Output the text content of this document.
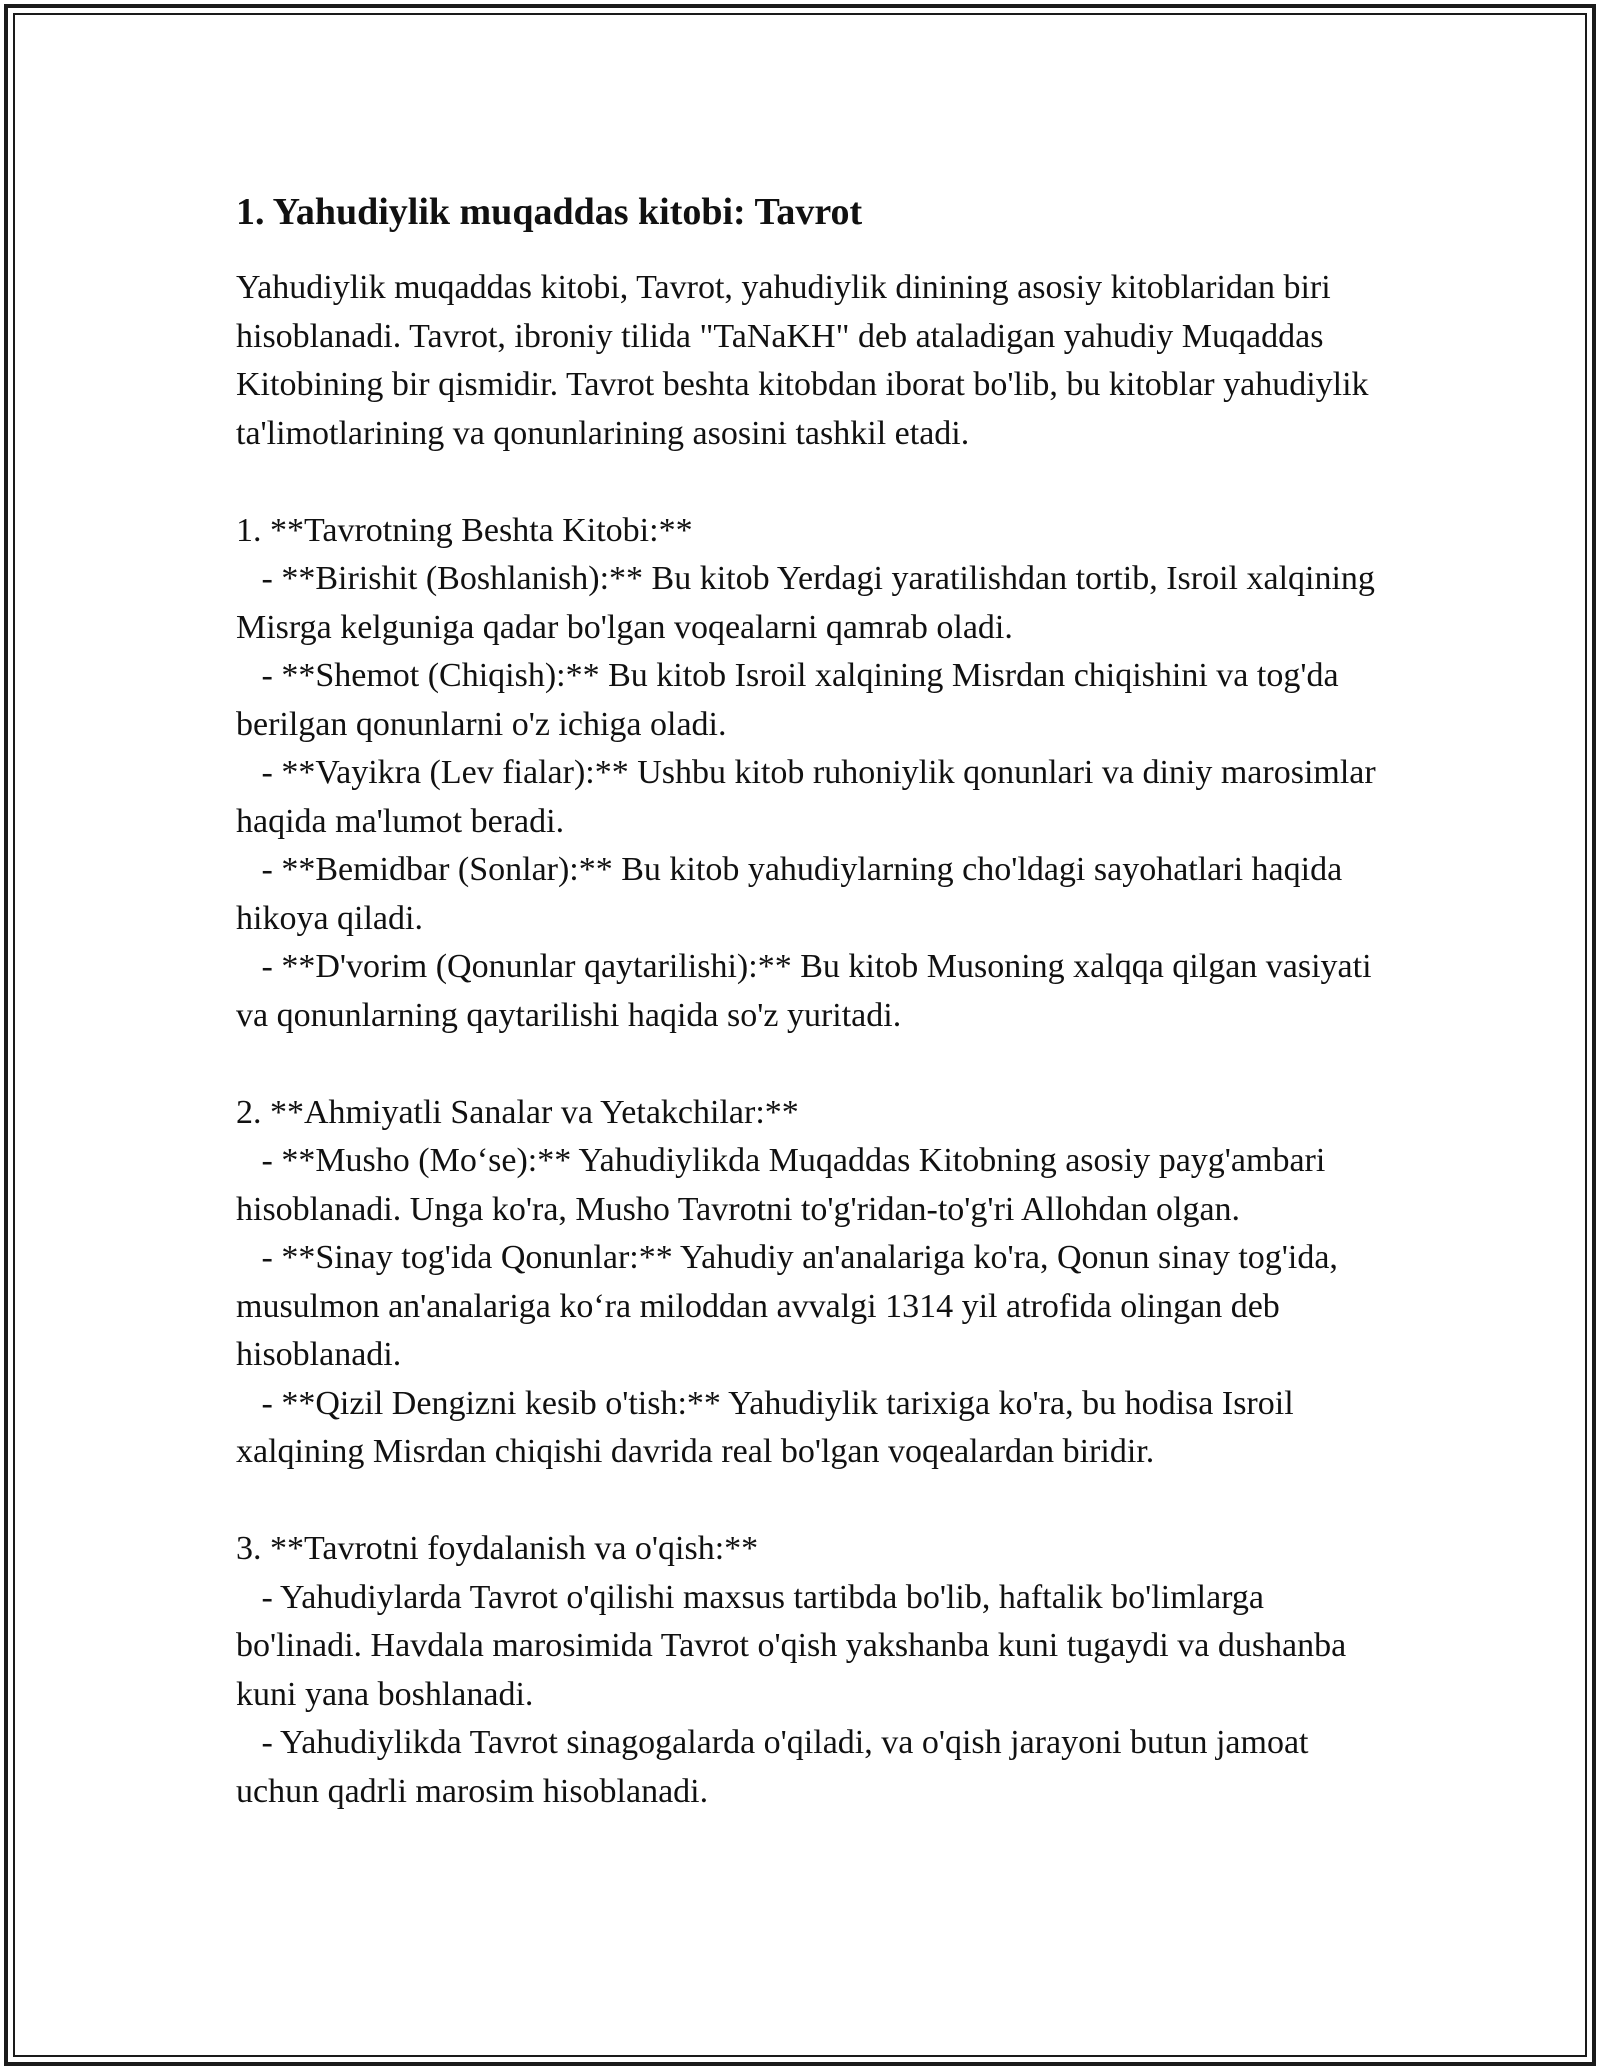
1. Yahudiylik muqaddas kitobi: Tavrot

Yahudiylik muqaddas kitobi, Tavrot, yahudiylik dinining asosiy kitoblaridan biri hisoblanadi. Tavrot, ibroniy tilida "TaNaKH" deb ataladigan yahudiy Muqaddas Kitobining bir qismidir. Tavrot beshta kitobdan iborat bo'lib, bu kitoblar yahudiylik ta'limotlarining va qonunlarining asosini tashkil etadi.

1. **Tavrotning Beshta Kitobi:**
- **Birishit (Boshlanish):** Bu kitob Yerdagi yaratilishdan tortib, Isroil xalqining Misrga kelguniga qadar bo'lgan voqealarni qamrab oladi.
- **Shemot (Chiqish):** Bu kitob Isroil xalqining Misrdan chiqishini va tog'da berilgan qonunlarni o'z ichiga oladi.
- **Vayikra (Lev fialar):** Ushbu kitob ruhoniylik qonunlari va diniy marosimlar haqida ma'lumot beradi.
- **Bemidbar (Sonlar):** Bu kitob yahudiylarning cho'ldagi sayohatlari haqida hikoya qiladi.
- **D'vorim (Qonunlar qaytarilishi):** Bu kitob Musoning xalqqa qilgan vasiyati va qonunlarning qaytarilishi haqida so'z yuritadi.
2. **Ahmiyatli Sanalar va Yetakchilar:**
- **Musho (Mo‘se):** Yahudiylikda Muqaddas Kitobning asosiy payg'ambari hisoblanadi. Unga ko'ra, Musho Tavrotni to'g'ridan-to'g'ri Allohdan olgan.
- **Sinay tog'ida Qonunlar:** Yahudiy an'analariga ko'ra, Qonun sinay tog'ida, musulmon an'analariga ko‘ra miloddan avvalgi 1314 yil atrofida olingan deb hisoblanadi.
- **Qizil Dengizni kesib o'tish:** Yahudiylik tarixiga ko'ra, bu hodisa Isroil xalqining Misrdan chiqishi davrida real bo'lgan voqealardan biridir.
3. **Tavrotni foydalanish va o'qish:**
- Yahudiylarda Tavrot o'qilishi maxsus tartibda bo'lib, haftalik bo'limlarga bo'linadi. Havdala marosimida Tavrot o'qish yakshanba kuni tugaydi va dushanba kuni yana boshlanadi.
- Yahudiylikda Tavrot sinagogalarda o'qiladi, va o'qish jarayoni butun jamoat uchun qadrli marosim hisoblanadi.
